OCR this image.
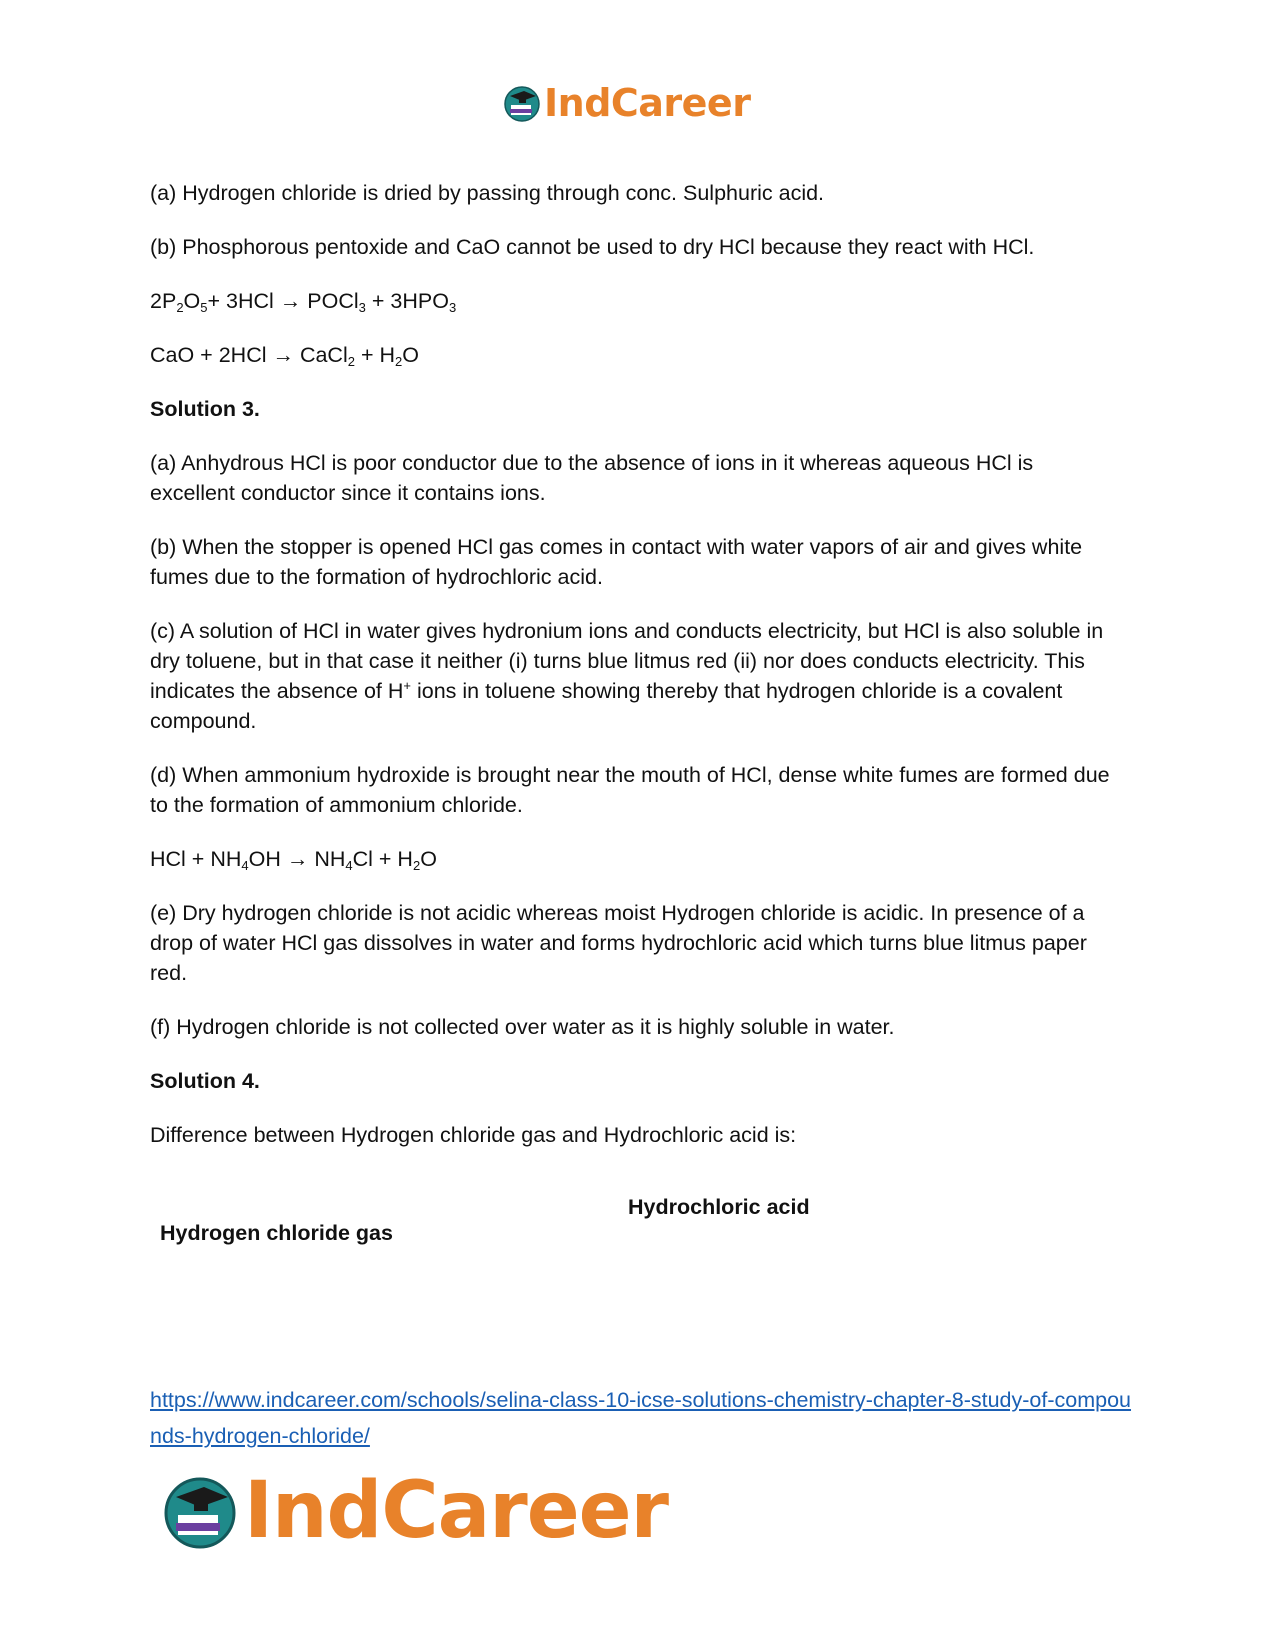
IndCareer
(a) Hydrogen chloride is dried by passing through conc. Sulphuric acid.
(b) Phosphorous pentoxide and CaO cannot be used to dry HCl because they react with HCl.
$2P_2O_5+ 3HCl$ → POCl$_3$ + $3HPO_3$
CaO + 2HCl → CaCl$_2$ + $H_2O$
Solution 3.
(a) Anhydrous HCl is poor conductor due to the absence of ions in it whereas aqueous HCl is excellent conductor since it contains ions.
(b) When the stopper is opened HCl gas comes in contact with water vapors of air and gives white fumes due to the formation of hydrochloric acid.
(c) A solution of HCl in water gives hydronium ions and conducts electricity, but HCl is also soluble in dry toluene, but in that case it neither (i) turns blue litmus red (ii) nor does conducts electricity. This indicates the absence of H+ ions in toluene showing thereby that hydrogen chloride is a covalent compound.
(d) When ammonium hydroxide is brought near the mouth of HCl, dense white fumes are formed due to the formation of ammonium chloride.
HCl + $NH_4OH \to NH_4Cl + H_2O$
(e) Dry hydrogen chloride is not acidic whereas moist Hydrogen chloride is acidic. In presence of a drop of water HCl gas dissolves in water and forms hydrochloric acid which turns blue litmus paper red.
(f) Hydrogen chloride is not collected over water as it is highly soluble in water.
Solution 4.
Difference between Hydrogen chloride gas and Hydrochloric acid is:
Hydrogen chloride gas
Hydrochloric acid
https://www.indcareer.com/schools/selina-class-10-icse-solutions-chemistry-chapter-8-study-of-compounds-hydrogen-chloride/
IndCareer
